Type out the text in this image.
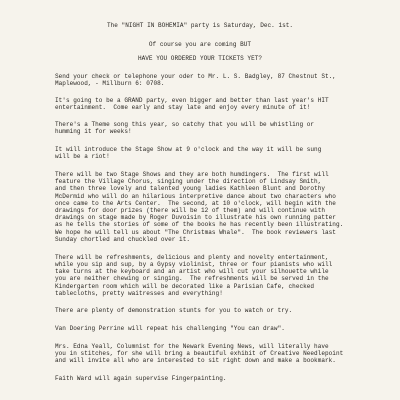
The "NIGHT IN BOHEMIA" party is Saturday, Dec. 1st.
Of course you are coming BUT
HAVE YOU ORDERED YOUR TICKETS YET?
Send your check or telephone your oder to Mr. L. S. Badgley, 87 Chestnut St.,
Maplewood, - Millburn 6: 0708.
It's going to be a GRAND party, even bigger and better than last year's HIT
entertainment.  Come early and stay late and enjoy every minute of it!
There's a Theme song this year, so catchy that you will be whistling or
humming it for weeks!
It will introduce the Stage Show at 9 o'clock and the way it will be sung
will be a riot!
There will be two Stage Shows and they are both humdingers.  The first will
feature the Village Chorus, singing under the direction of Lindsay Smith,
and then three lovely and talented young ladies Kathleen Blunt and Dorothy
McDermid who will do an hilarious interpretive dance about two characters who
once came to the Arts Center.  The second, at 10 o'clock, will begin with the
drawings for door prizes (there will be 12 of them) and will continue with
drawings on stage made by Roger Duvoisin to illustrate his own running patter
as he tells the stories of some of the books he has recently been illustrating.
We hope he will tell us about "The Christmas Whale".  The book reviewers last
Sunday chortled and chuckled over it.
There will be refreshments, delicious and plenty and novelty entertainment,
while you sip and sup, by a Gypsy violinist, three or four pianists who will
take turns at the keyboard and an artist who will cut your silhouette while
you are neither chewing or singing.  The refreshments will be served in the
Kindergarten room which will be decorated like a Parisian Cafe, checked
tablecloths, pretty waitresses and everything!
There are plenty of demonstration stunts for you to watch or try.
Van Doering Perrine will repeat his challenging "You can draw".
Mrs. Edna Yeall, Columnist for the Newark Evening News, will literally have
you in stitches, for she will bring a beautiful exhibit of Creative Needlepoint
and will invite all who are interested to sit right down and make a bookmark.
Faith Ward will again supervise Fingerpainting.
